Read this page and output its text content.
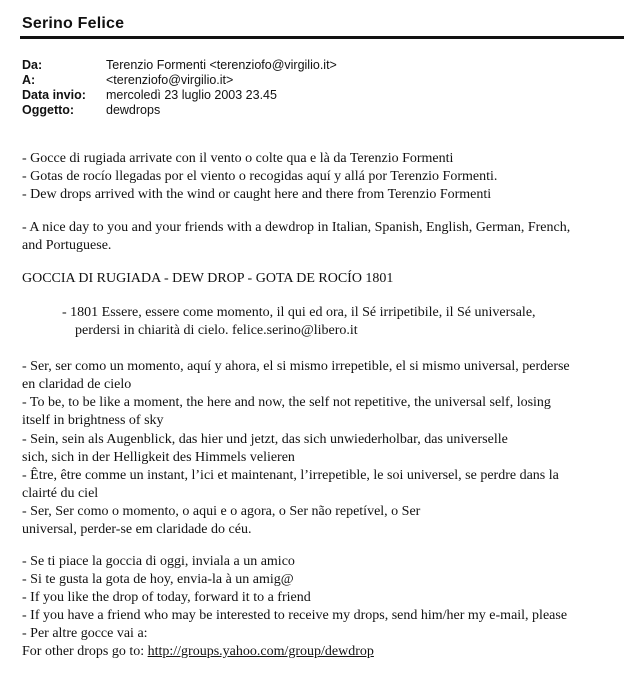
Serino Felice
Da:	Terenzio Formenti <terenziofo@virgilio.it>
A:	<terenziofo@virgilio.it>
Data invio: mercoledì 23 luglio 2003 23.45
Oggetto:	dewdrops
- Gocce di rugiada arrivate con il vento o colte qua e là da Terenzio Formenti
- Gotas de rocío llegadas por el viento o recogidas aquí y allá por Terenzio Formenti.
- Dew drops arrived with the wind or caught here and there from Terenzio Formenti
- A nice day to you and your friends with a dewdrop in Italian, Spanish, English, German, French,
and Portuguese.
GOCCIA DI RUGIADA - DEW DROP - GOTA DE ROCÍO 1801
- 1801 Essere, essere come momento, il qui ed ora, il Sé irripetibile, il Sé universale,
perdersi in chiarità di cielo. felice.serino@libero.it
- Ser, ser como un momento, aquí y ahora, el si mismo irrepetible, el si mismo universal, perderse
en claridad de cielo
- To be, to be like a moment, the here and now, the self not repetitive, the universal self, losing
itself in brightness of sky
- Sein, sein als Augenblick, das hier und jetzt, das sich unwiederholbar, das universelle
sich, sich in der Helligkeit des Himmels velieren
- Être, être comme un instant, l’ici et maintenant, l’irrepetible, le soi universel, se perdre dans la
clairté du ciel
- Ser, Ser como o momento, o aqui e o agora, o Ser não repetível, o Ser
universal, perder-se em claridade do céu.
- Se ti piace la goccia di oggi, inviala a un amico
- Si te gusta la gota de hoy, envia-la à un amig@
- If you like the drop of today, forward it to a friend
- If you have a friend who may be interested to receive my drops, send him/her my e-mail, please
- Per altre gocce vai a:
For other drops go to: http://groups.yahoo.com/group/dewdrop
